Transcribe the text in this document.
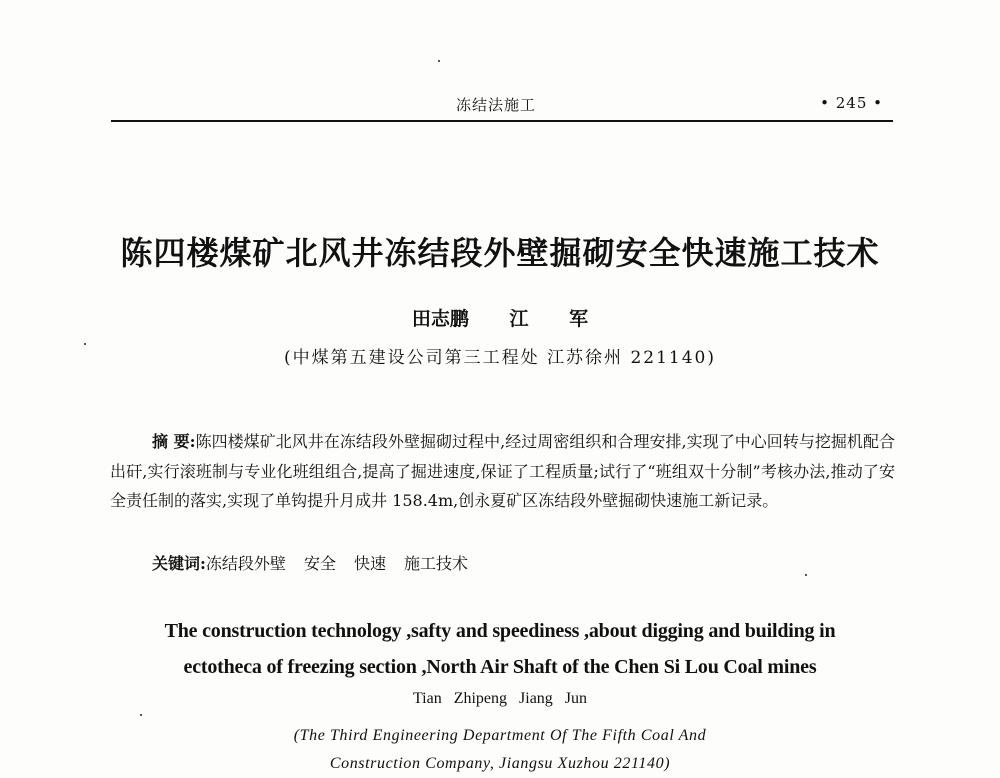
冻结法施工	• 245 •
陈四楼煤矿北风井冻结段外壁掘砌安全快速施工技术
田志鹏 江 军
(中煤第五建设公司第三工程处 江苏徐州 221140)

摘 要:陈四楼煤矿北风井在冻结段外壁掘砌过程中,经过周密组织和合理安排,实现了中心回转与挖掘机配合出矸,实行滚班制与专业化班组组合,提高了掘进速度,保证了工程质量;试行了“班组双十分制”考核办法,推动了安全责任制的落实,实现了单钩提升月成井 158.4m,创永夏矿区冻结段外壁掘砌快速施工新记录。

关键词:冻结段外壁 安全 快速 施工技术
The construction technology ,safty and speediness ,about digging and building in
ectotheca of freezing section ,North Air Shaft of the Chen Si Lou Coal mines
Tian Zhipeng Jiang Jun
(The Third Engineering Department Of The Fifth Coal And
Construction Company, Jiangsu Xuzhou 221140)
